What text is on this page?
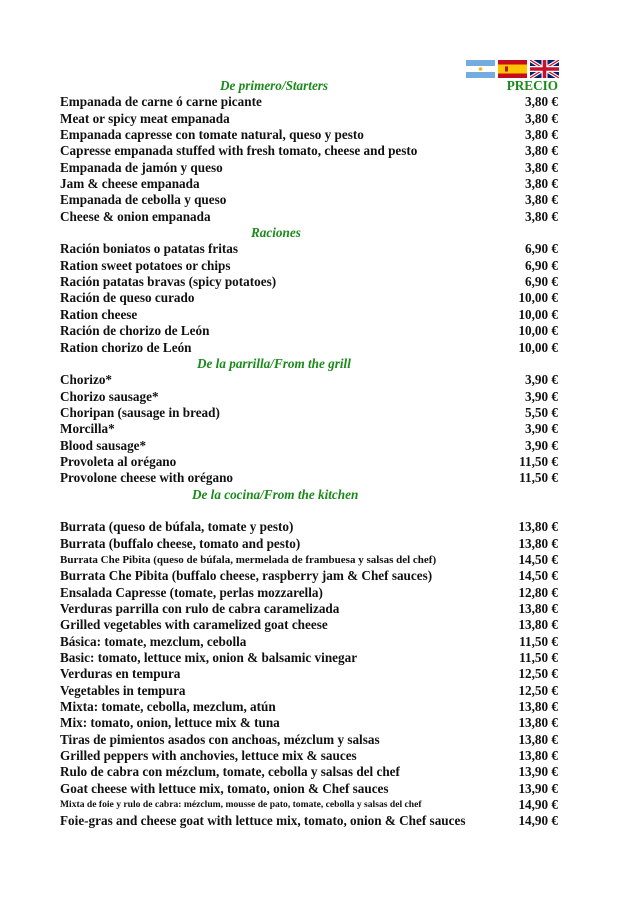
De primero/Starters	PRECIO
Empanada de carne ó carne picante	3,80 €
Meat or spicy meat empanada	3,80 €
Empanada capresse con tomate natural, queso y pesto	3,80 €
Capresse empanada stuffed with fresh tomato, cheese and pesto	3,80 €
Empanada de jamón y queso	3,80 €
Jam & cheese empanada	3,80 €
Empanada de cebolla y queso	3,80 €
Cheese & onion empanada	3,80 €
Raciones
Ración boniatos o patatas fritas	6,90 €
Ration sweet potatoes or chips	6,90 €
Ración patatas bravas (spicy potatoes)	6,90 €
Ración de queso curado	10,00 €
Ration cheese	10,00 €
Ración de chorizo de León	10,00 €
Ration chorizo de León	10,00 €
De la parrilla/From the grill
Chorizo*	3,90 €
Chorizo sausage*	3,90 €
Choripan (sausage in bread)	5,50 €
Morcilla*	3,90 €
Blood sausage*	3,90 €
Provoleta al orégano	11,50 €
Provolone cheese with orégano	11,50 €
De la cocina/From the kitchen
Burrata (queso de búfala, tomate y pesto)	13,80 €
Burrata (buffalo cheese, tomato and pesto)	13,80 €
Burrata Che Pibita (queso de búfala, mermelada de frambuesa y salsas del chef)	14,50 €
Burrata Che Pibita (buffalo cheese, raspberry jam & Chef sauces)	14,50 €
Ensalada Capresse (tomate, perlas mozzarella)	12,80 €
Verduras parrilla con rulo de cabra caramelizada	13,80 €
Grilled vegetables with caramelized goat cheese	13,80 €
Básica: tomate, mezclum, cebolla	11,50 €
Basic: tomato, lettuce mix, onion & balsamic vinegar	11,50 €
Verduras en tempura	12,50 €
Vegetables in tempura	12,50 €
Mixta: tomate, cebolla, mezclum, atún	13,80 €
Mix: tomato, onion, lettuce mix & tuna	13,80 €
Tiras de pimientos asados con anchoas, mézclum y salsas	13,80 €
Grilled peppers with anchovies, lettuce mix & sauces	13,80 €
Rulo de cabra con mézclum, tomate, cebolla y salsas del chef	13,90 €
Goat cheese with lettuce mix, tomato, onion & Chef sauces	13,90 €
Mixta de foie y rulo de cabra: mézclum, mousse de pato, tomate, cebolla y salsas del chef	14,90 €
Foie-gras and cheese goat with lettuce mix, tomato, onion & Chef sauces	14,90 €
